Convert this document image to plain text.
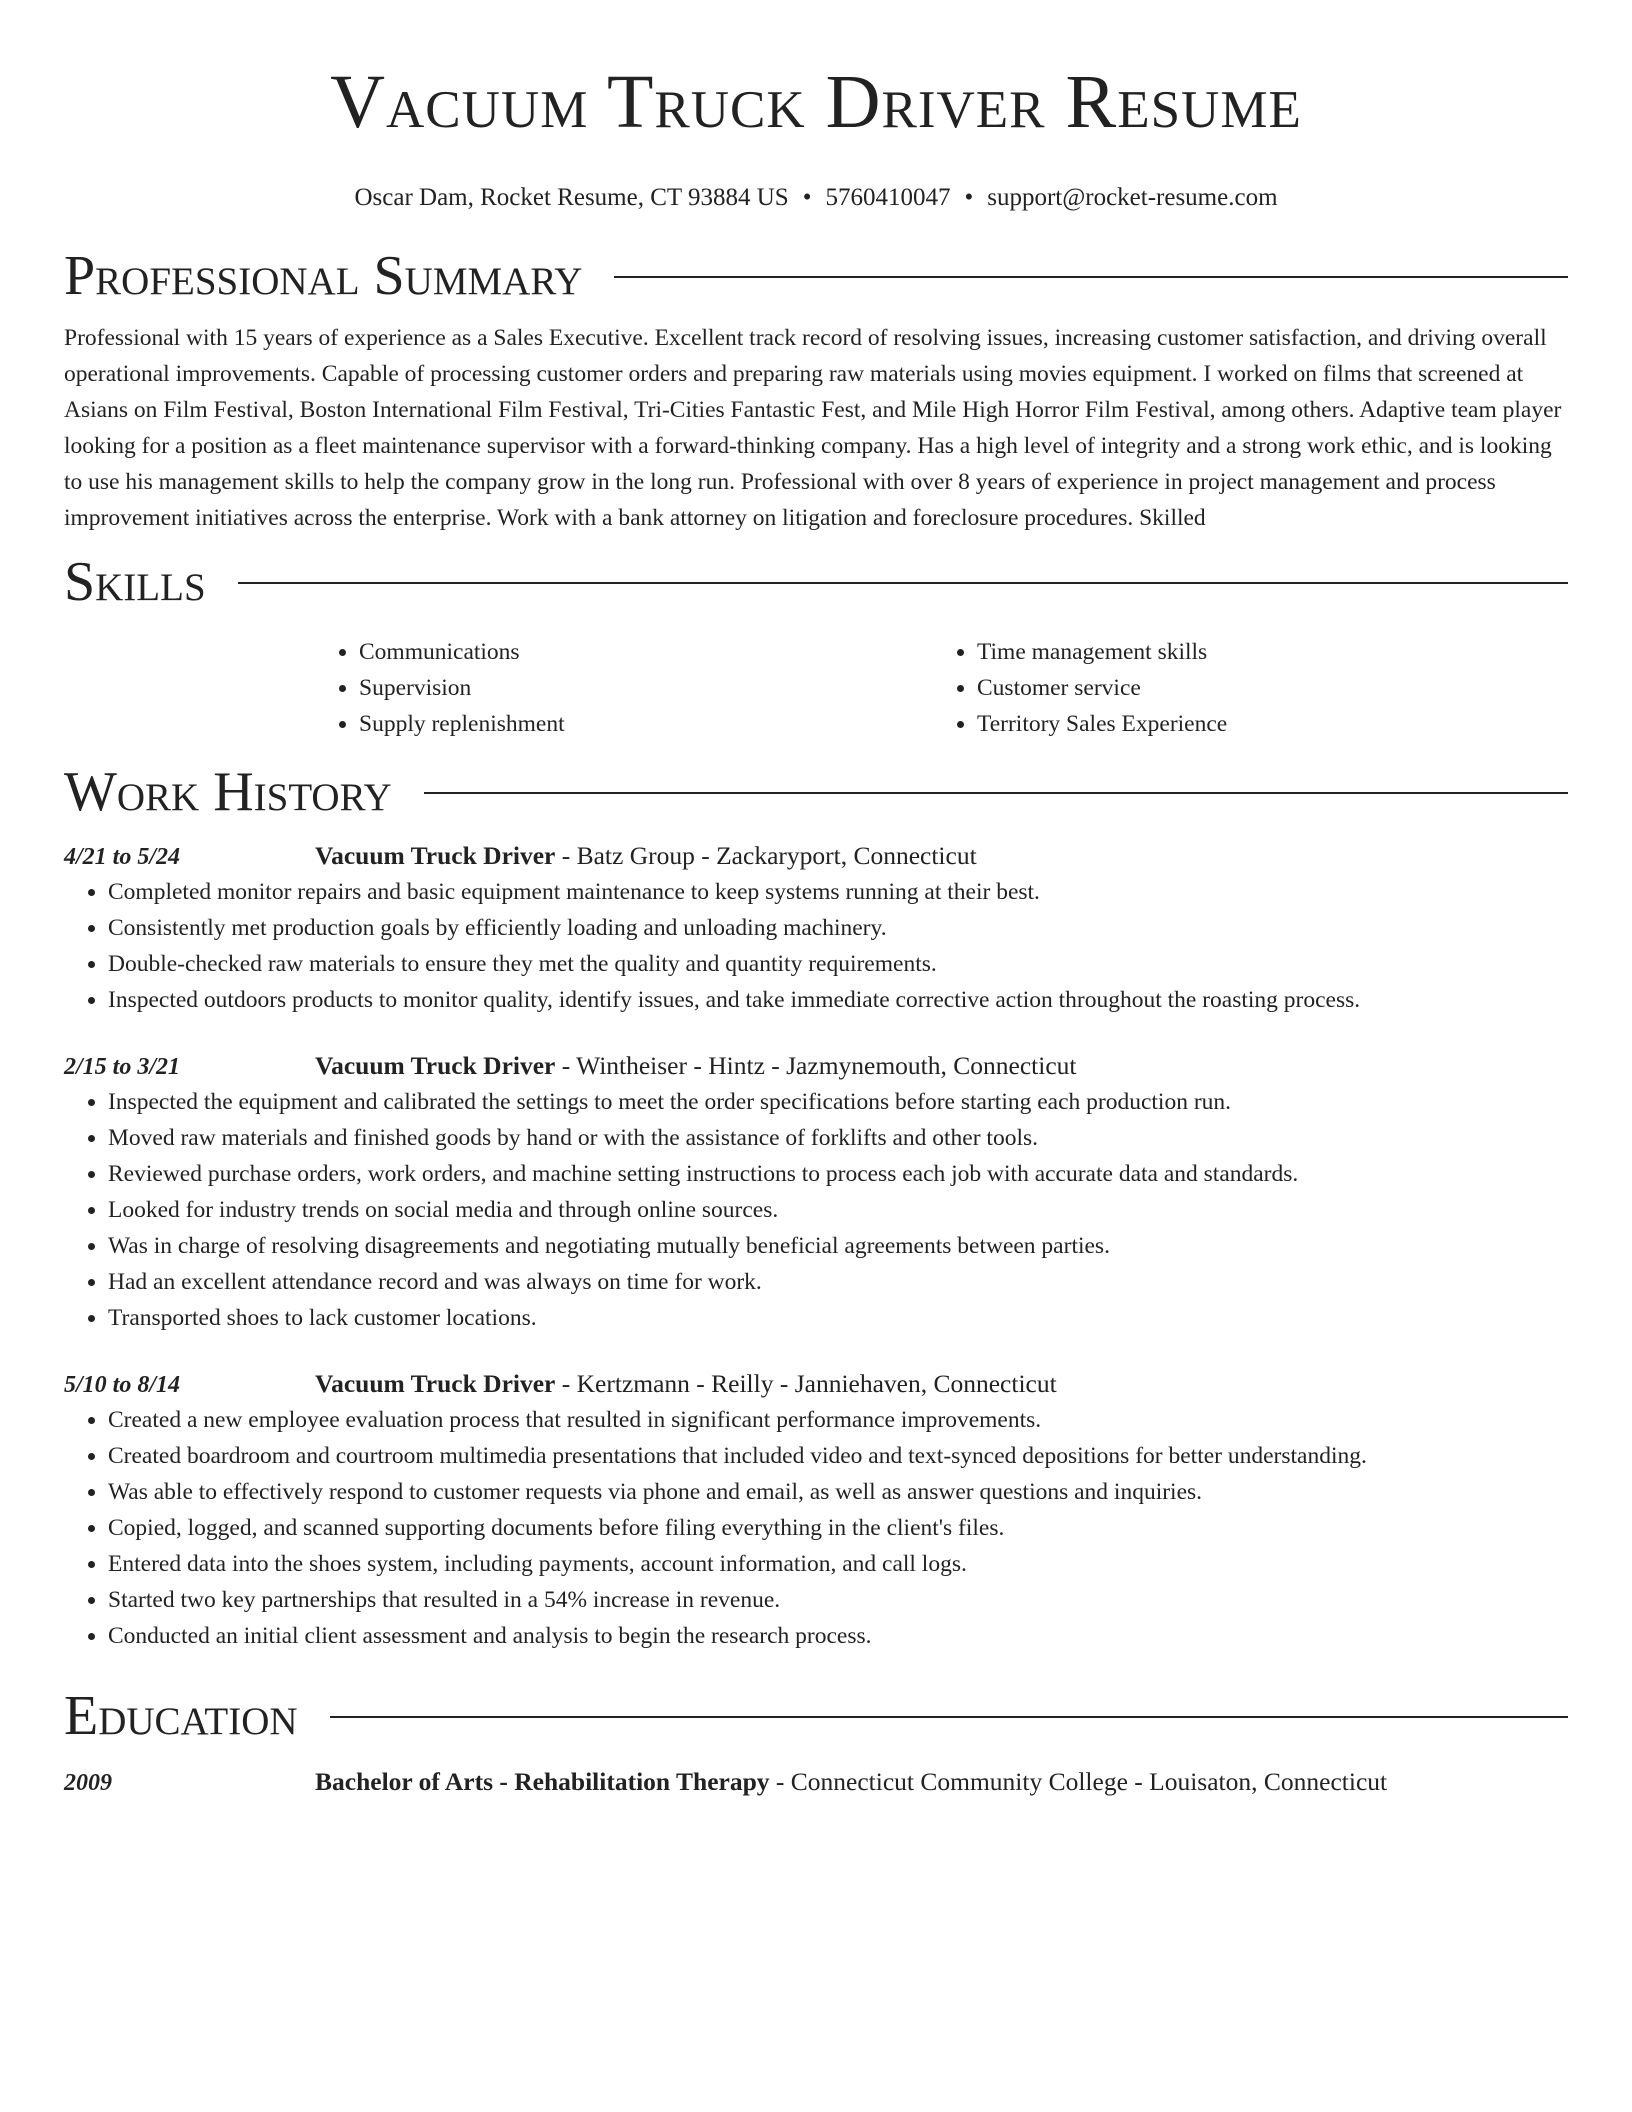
Vacuum Truck Driver Resume
Oscar Dam, Rocket Resume, CT 93884 US • 5760410047 • support@rocket-resume.com
Professional Summary
Professional with 15 years of experience as a Sales Executive. Excellent track record of resolving issues, increasing customer satisfaction, and driving overall operational improvements. Capable of processing customer orders and preparing raw materials using movies equipment. I worked on films that screened at Asians on Film Festival, Boston International Film Festival, Tri-Cities Fantastic Fest, and Mile High Horror Film Festival, among others. Adaptive team player looking for a position as a fleet maintenance supervisor with a forward-thinking company. Has a high level of integrity and a strong work ethic, and is looking to use his management skills to help the company grow in the long run. Professional with over 8 years of experience in project management and process improvement initiatives across the enterprise. Work with a bank attorney on litigation and foreclosure procedures. Skilled
Skills
• Communications
• Supervision
• Supply replenishment
• Time management skills
• Customer service
• Territory Sales Experience
Work History
4/21 to 5/24	Vacuum Truck Driver - Batz Group - Zackaryport, Connecticut
• Completed monitor repairs and basic equipment maintenance to keep systems running at their best.
• Consistently met production goals by efficiently loading and unloading machinery.
• Double-checked raw materials to ensure they met the quality and quantity requirements.
• Inspected outdoors products to monitor quality, identify issues, and take immediate corrective action throughout the roasting process.
2/15 to 3/21	Vacuum Truck Driver - Wintheiser - Hintz - Jazmynemouth, Connecticut
• Inspected the equipment and calibrated the settings to meet the order specifications before starting each production run.
• Moved raw materials and finished goods by hand or with the assistance of forklifts and other tools.
• Reviewed purchase orders, work orders, and machine setting instructions to process each job with accurate data and standards.
• Looked for industry trends on social media and through online sources.
• Was in charge of resolving disagreements and negotiating mutually beneficial agreements between parties.
• Had an excellent attendance record and was always on time for work.
• Transported shoes to lack customer locations.
5/10 to 8/14	Vacuum Truck Driver - Kertzmann - Reilly - Janniehaven, Connecticut
• Created a new employee evaluation process that resulted in significant performance improvements.
• Created boardroom and courtroom multimedia presentations that included video and text-synced depositions for better understanding.
• Was able to effectively respond to customer requests via phone and email, as well as answer questions and inquiries.
• Copied, logged, and scanned supporting documents before filing everything in the client's files.
• Entered data into the shoes system, including payments, account information, and call logs.
• Started two key partnerships that resulted in a 54% increase in revenue.
• Conducted an initial client assessment and analysis to begin the research process.
Education
2009	Bachelor of Arts - Rehabilitation Therapy - Connecticut Community College - Louisaton, Connecticut
